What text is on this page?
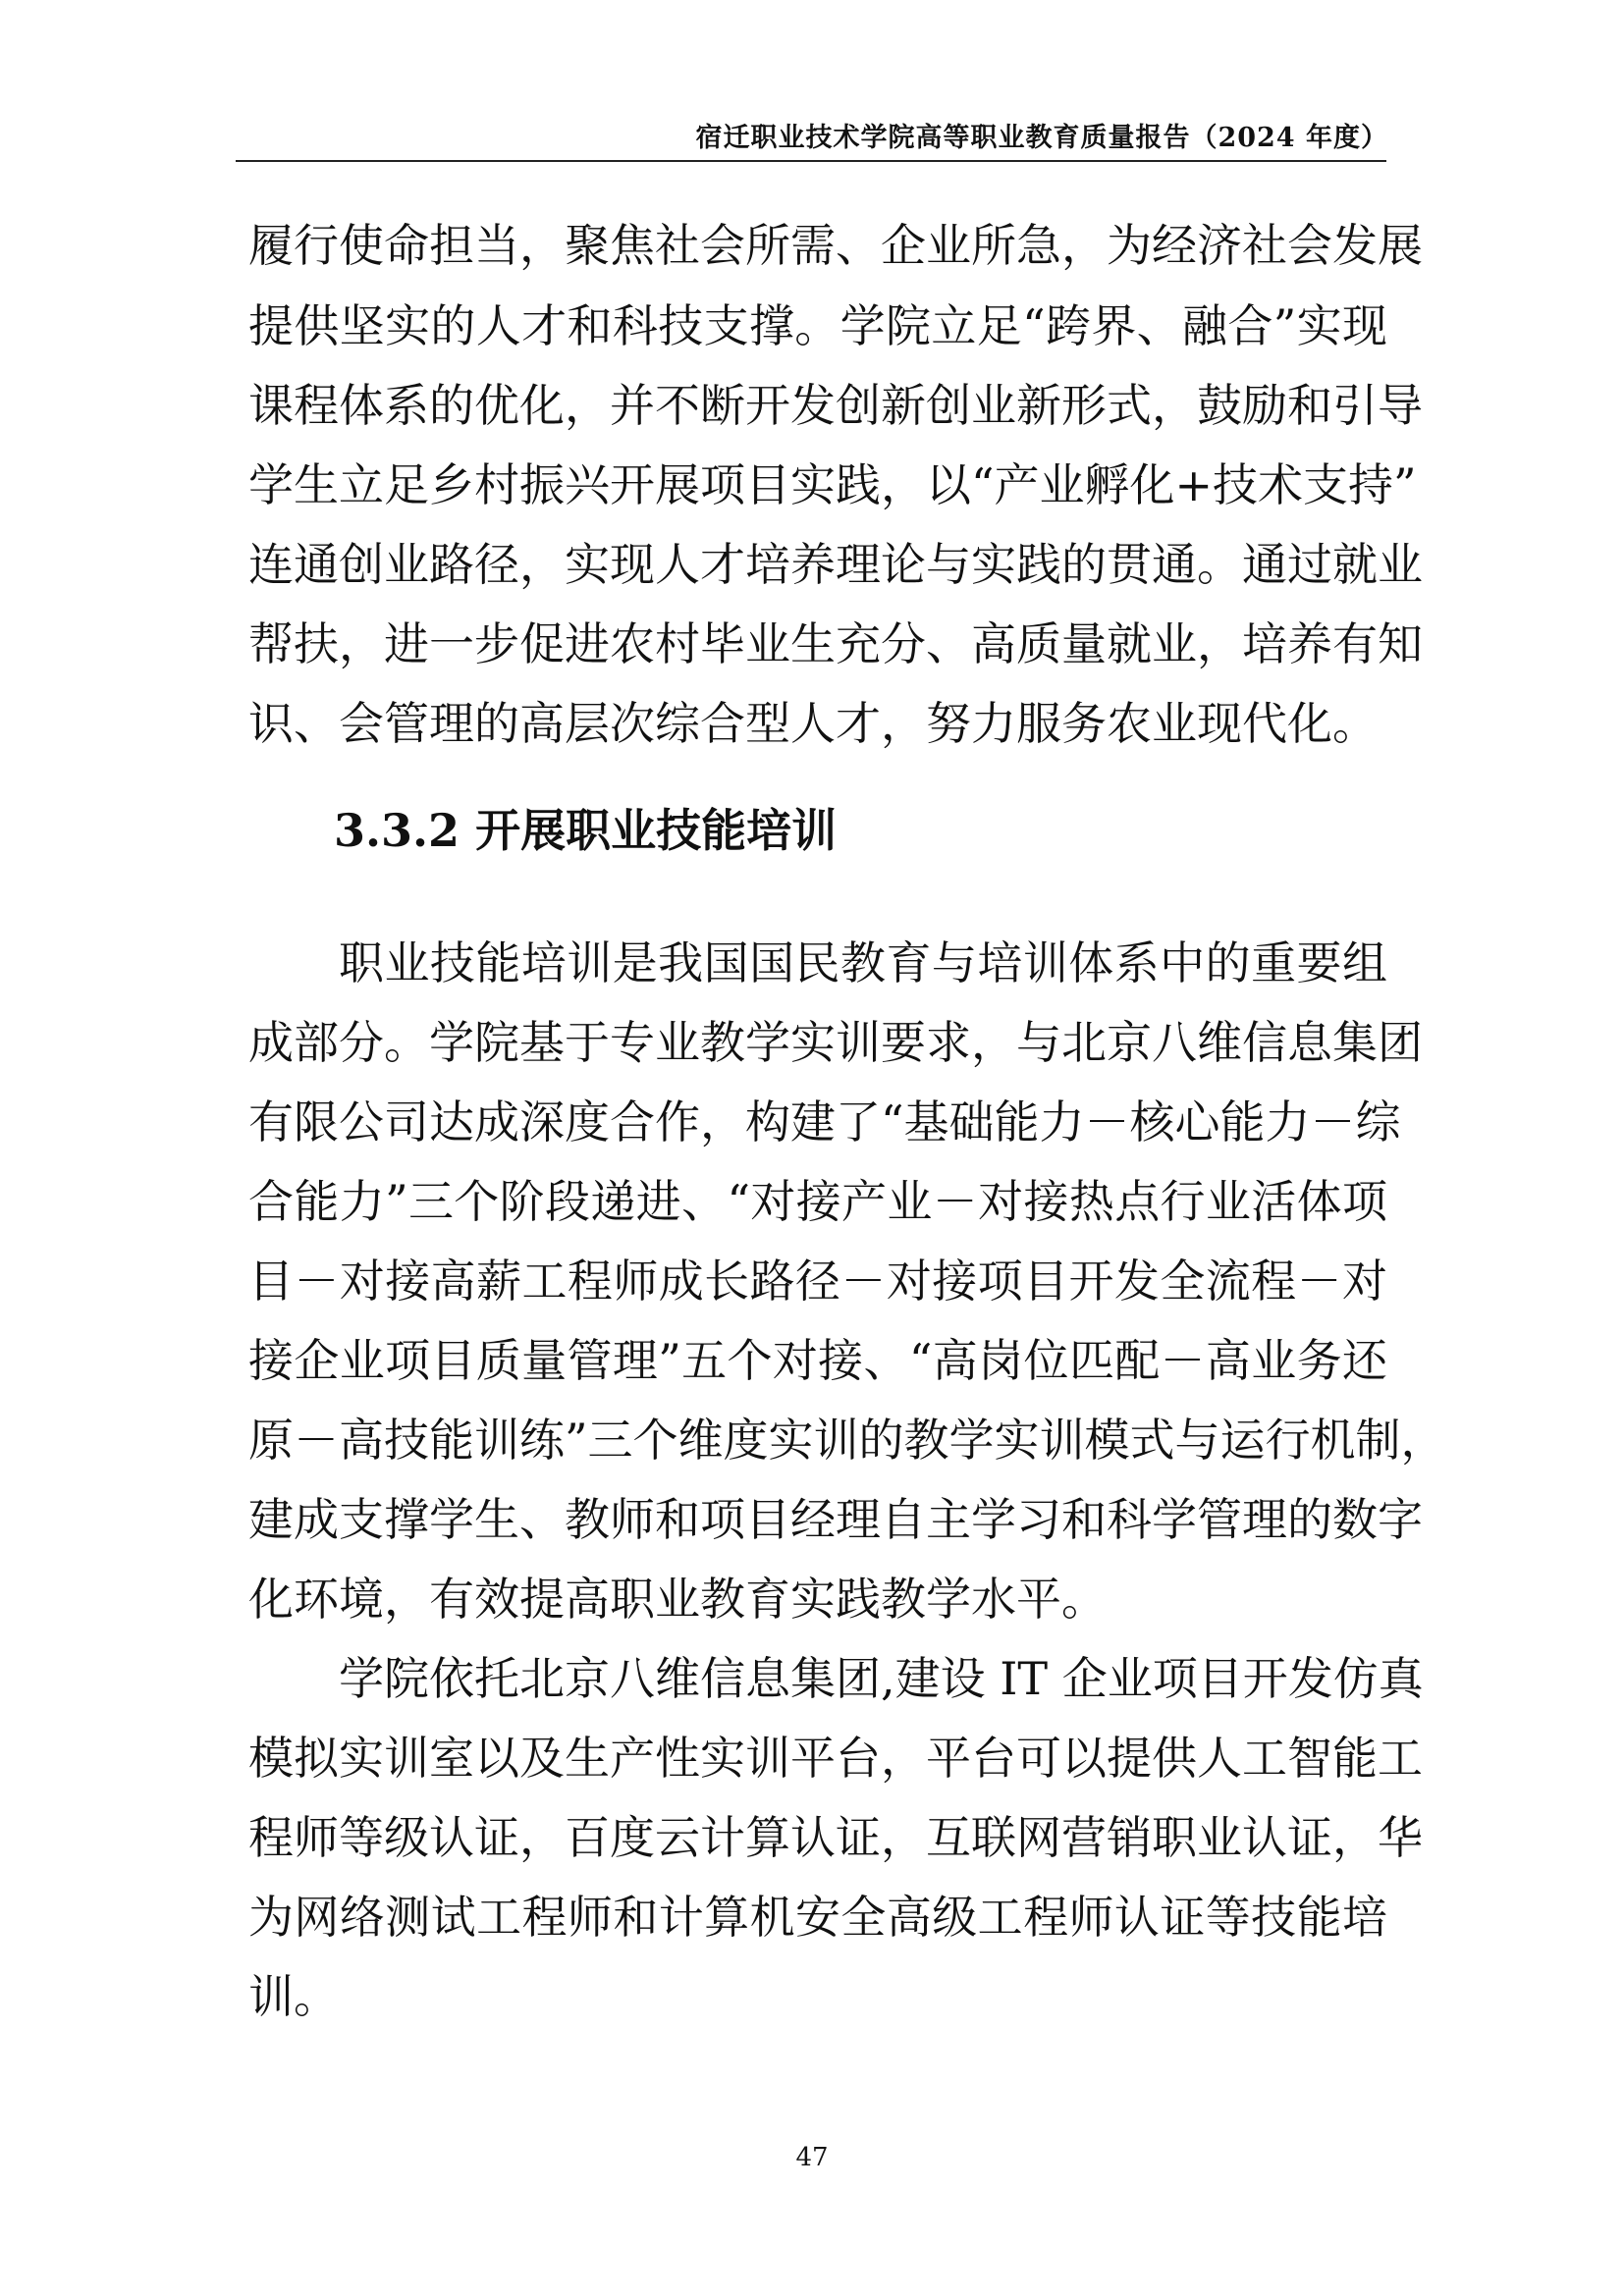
宿迁职业技术学院高等职业教育质量报告（2024 年度）
履行使命担当，聚焦社会所需、企业所急，为经济社会发展
提供坚实的人才和科技支撑。学院立足“跨界、融合”实现
课程体系的优化，并不断开发创新创业新形式，鼓励和引导
学生立足乡村振兴开展项目实践，以“产业孵化+技术支持”
连通创业路径，实现人才培养理论与实践的贯通。通过就业
帮扶，进一步促进农村毕业生充分、高质量就业，培养有知
识、会管理的高层次综合型人才，努力服务农业现代化。
3.3.2 开展职业技能培训
职业技能培训是我国国民教育与培训体系中的重要组
成部分。学院基于专业教学实训要求，与北京八维信息集团
有限公司达成深度合作，构建了“基础能力－核心能力－综
合能力”三个阶段递进、“对接产业－对接热点行业活体项
目－对接高薪工程师成长路径－对接项目开发全流程－对
接企业项目质量管理”五个对接、“高岗位匹配－高业务还
原－高技能训练”三个维度实训的教学实训模式与运行机制，
建成支撑学生、教师和项目经理自主学习和科学管理的数字
化环境，有效提高职业教育实践教学水平。
学院依托北京八维信息集团,建设 IT 企业项目开发仿真
模拟实训室以及生产性实训平台，平台可以提供人工智能工
程师等级认证，百度云计算认证，互联网营销职业认证，华
为网络测试工程师和计算机安全高级工程师认证等技能培
训。
47
